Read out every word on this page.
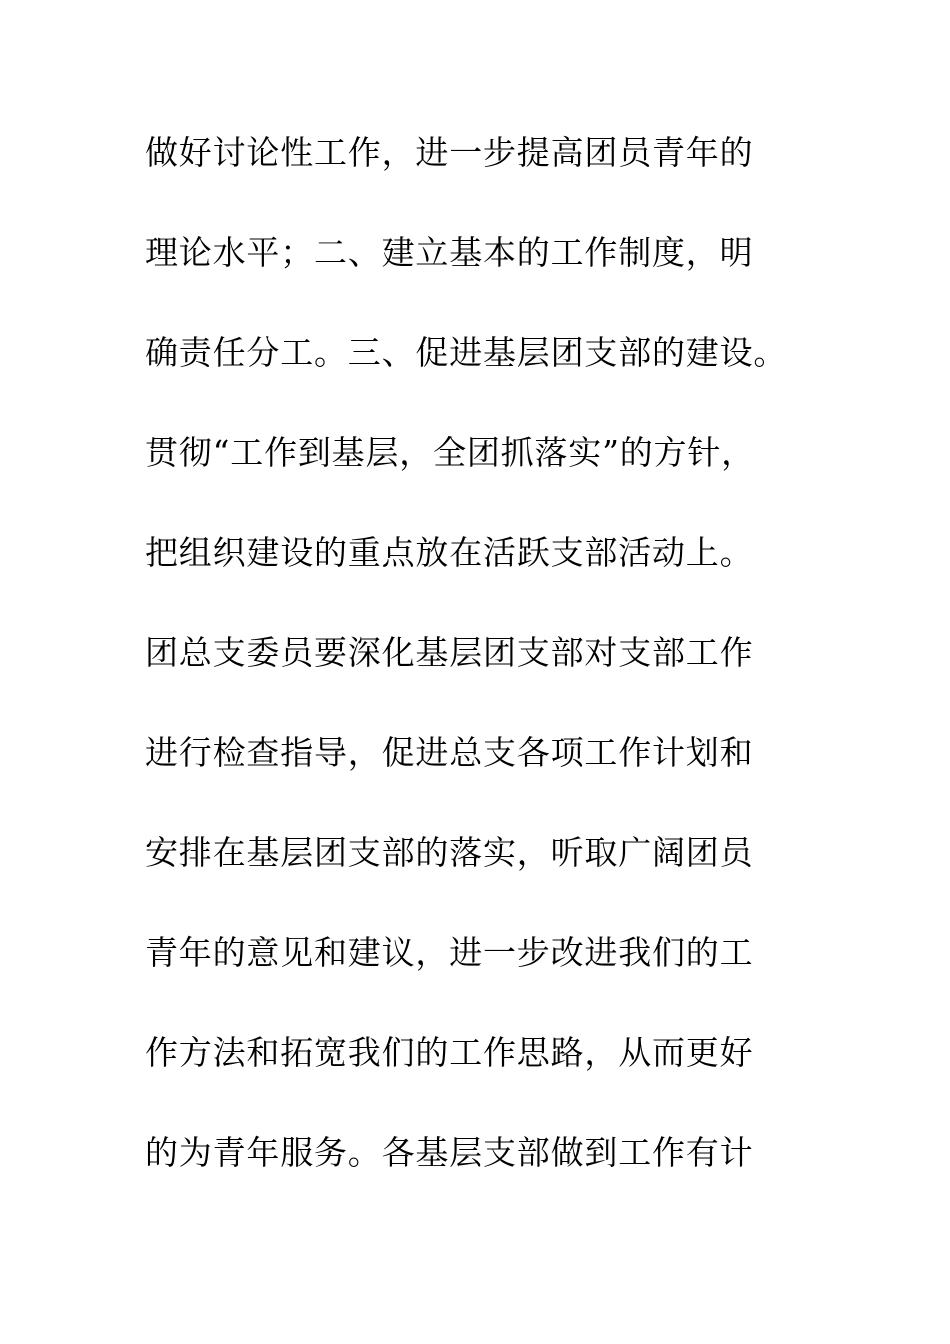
做好讨论性工作，进一步提高团员青年的
理论水平；二、建立基本的工作制度，明
确责任分工。三、促进基层团支部的建设。
贯彻“工作到基层，全团抓落实”的方针，
把组织建设的重点放在活跃支部活动上。
团总支委员要深化基层团支部对支部工作
进行检查指导，促进总支各项工作计划和
安排在基层团支部的落实，听取广阔团员
青年的意见和建议，进一步改进我们的工
作方法和拓宽我们的工作思路，从而更好
的为青年服务。各基层支部做到工作有计
